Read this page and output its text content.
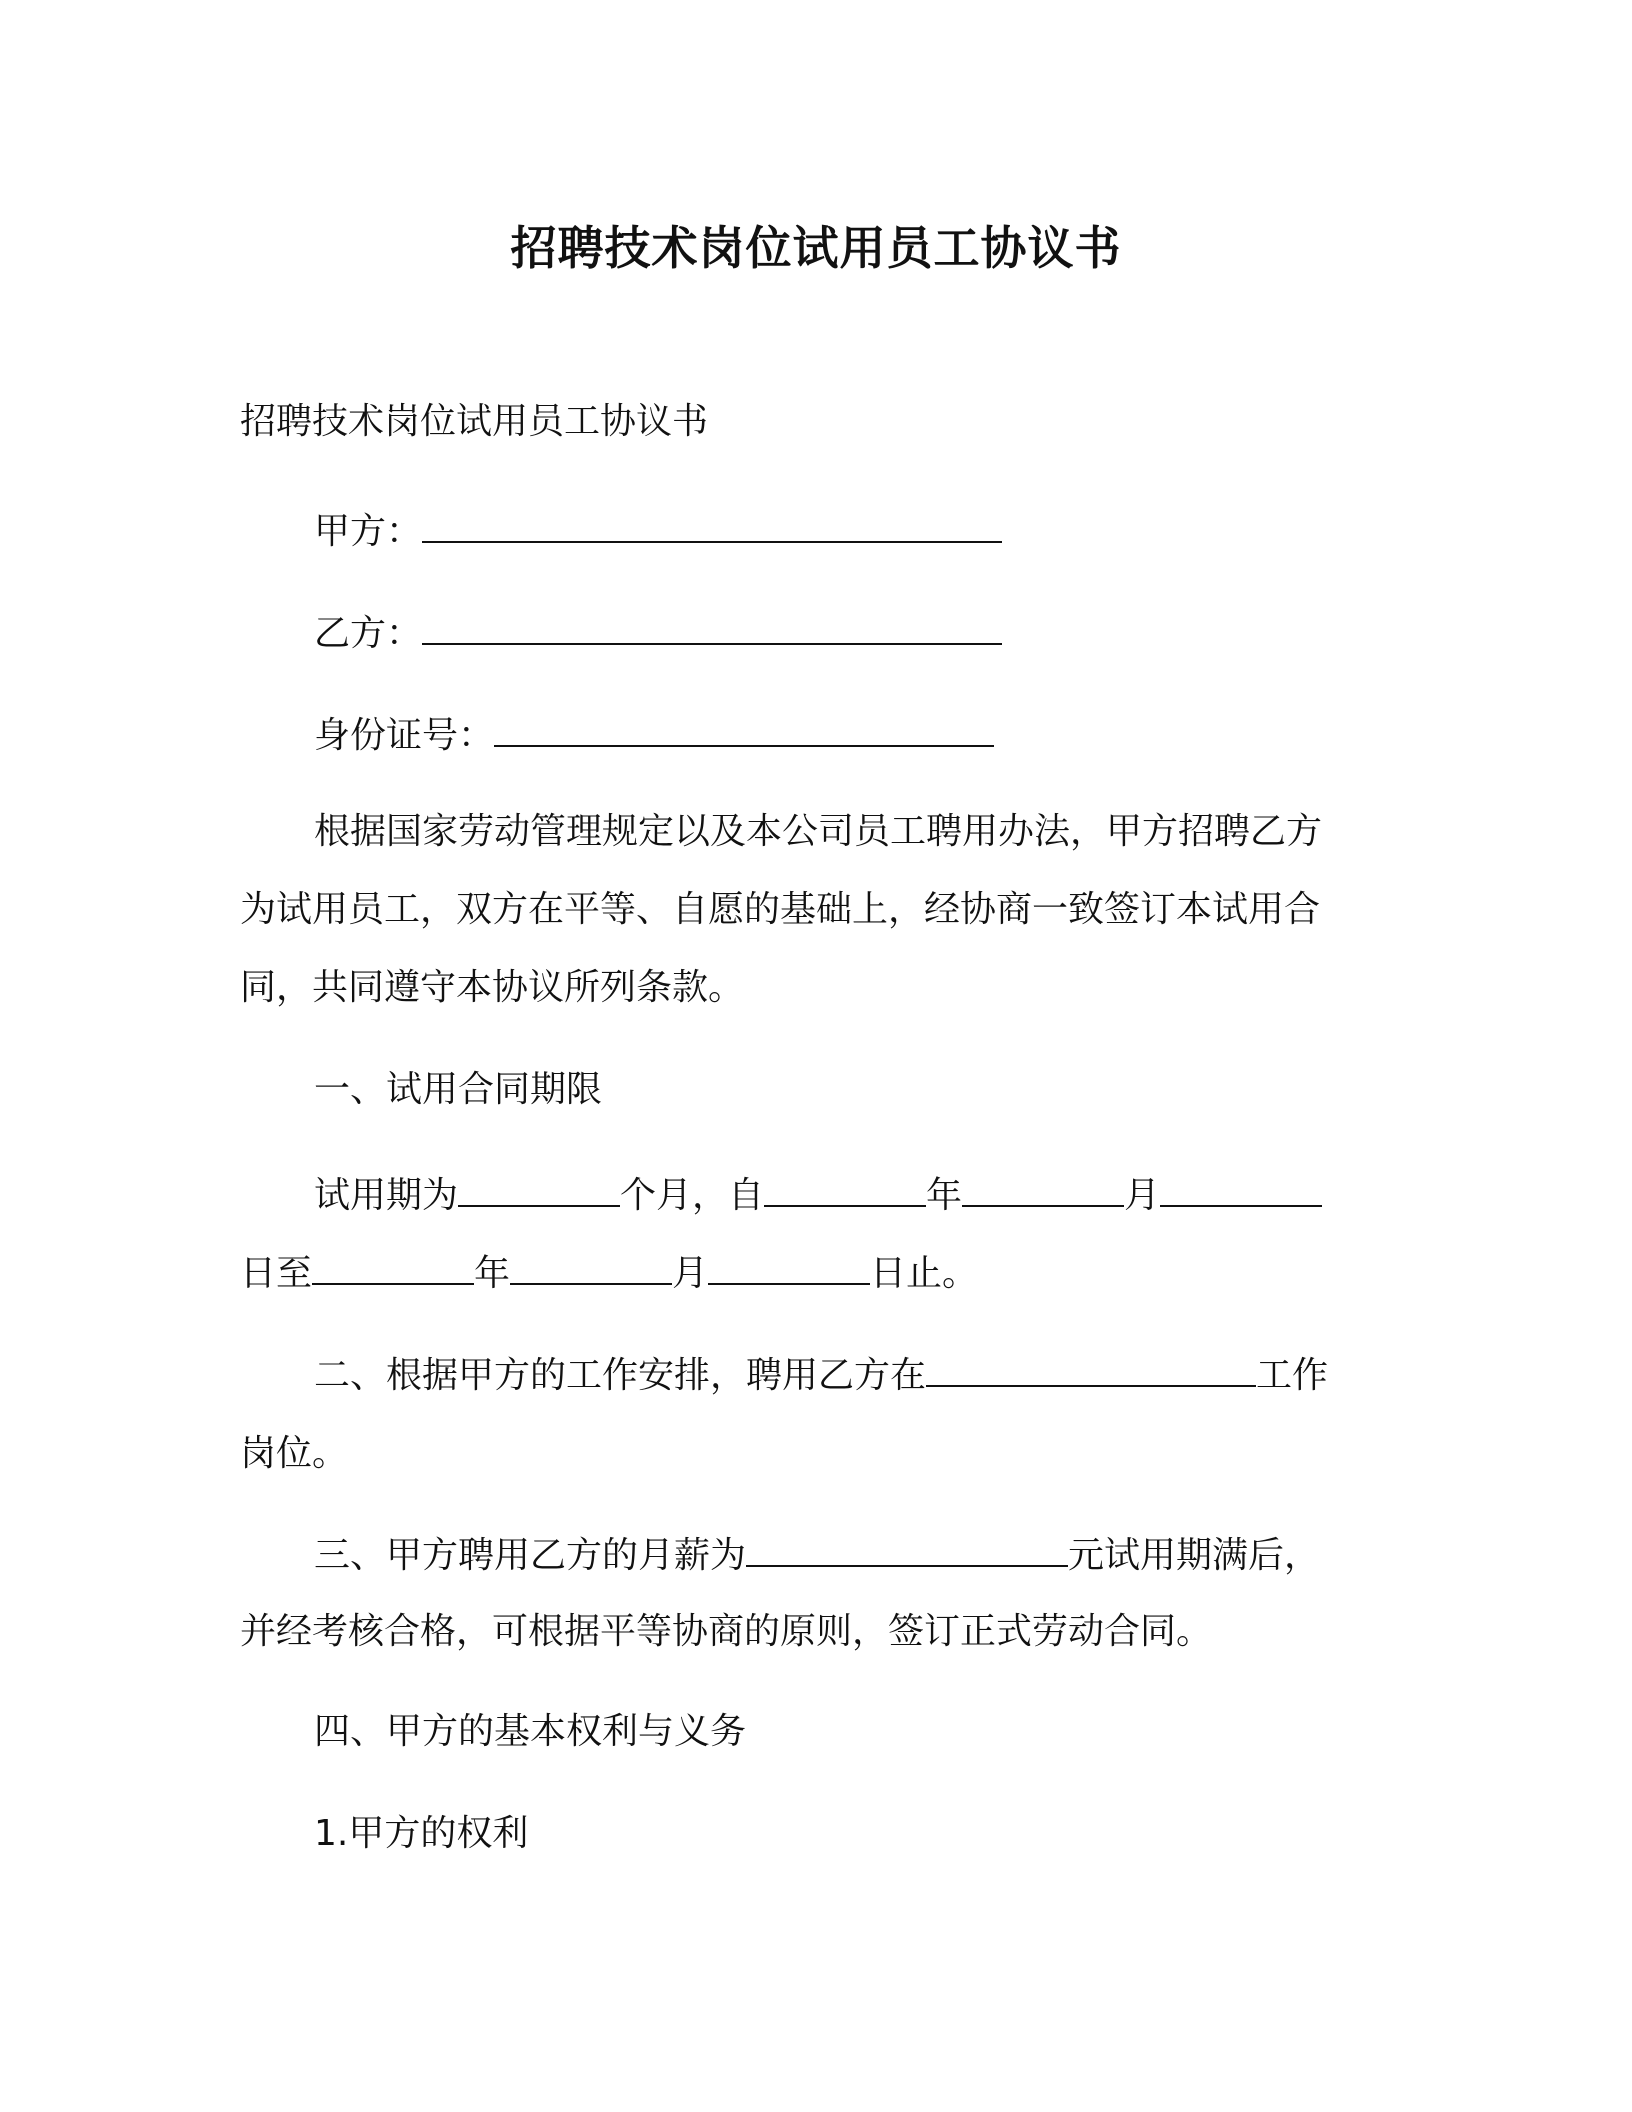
招聘技术岗位试用员工协议书
招聘技术岗位试用员工协议书
甲方：
乙方：
身份证号：
根据国家劳动管理规定以及本公司员工聘用办法，甲方招聘乙方
为试用员工，双方在平等、自愿的基础上，经协商一致签订本试用合
同，共同遵守本协议所列条款。
一、试用合同期限
试用期为	个月，自	年	月
日至	年	月	日止。
二、根据甲方的工作安排，聘用乙方在	工作
岗位。
三、甲方聘用乙方的月薪为	元试用期满后，
并经考核合格，可根据平等协商的原则，签订正式劳动合同。
四、甲方的基本权利与义务
1.甲方的权利
